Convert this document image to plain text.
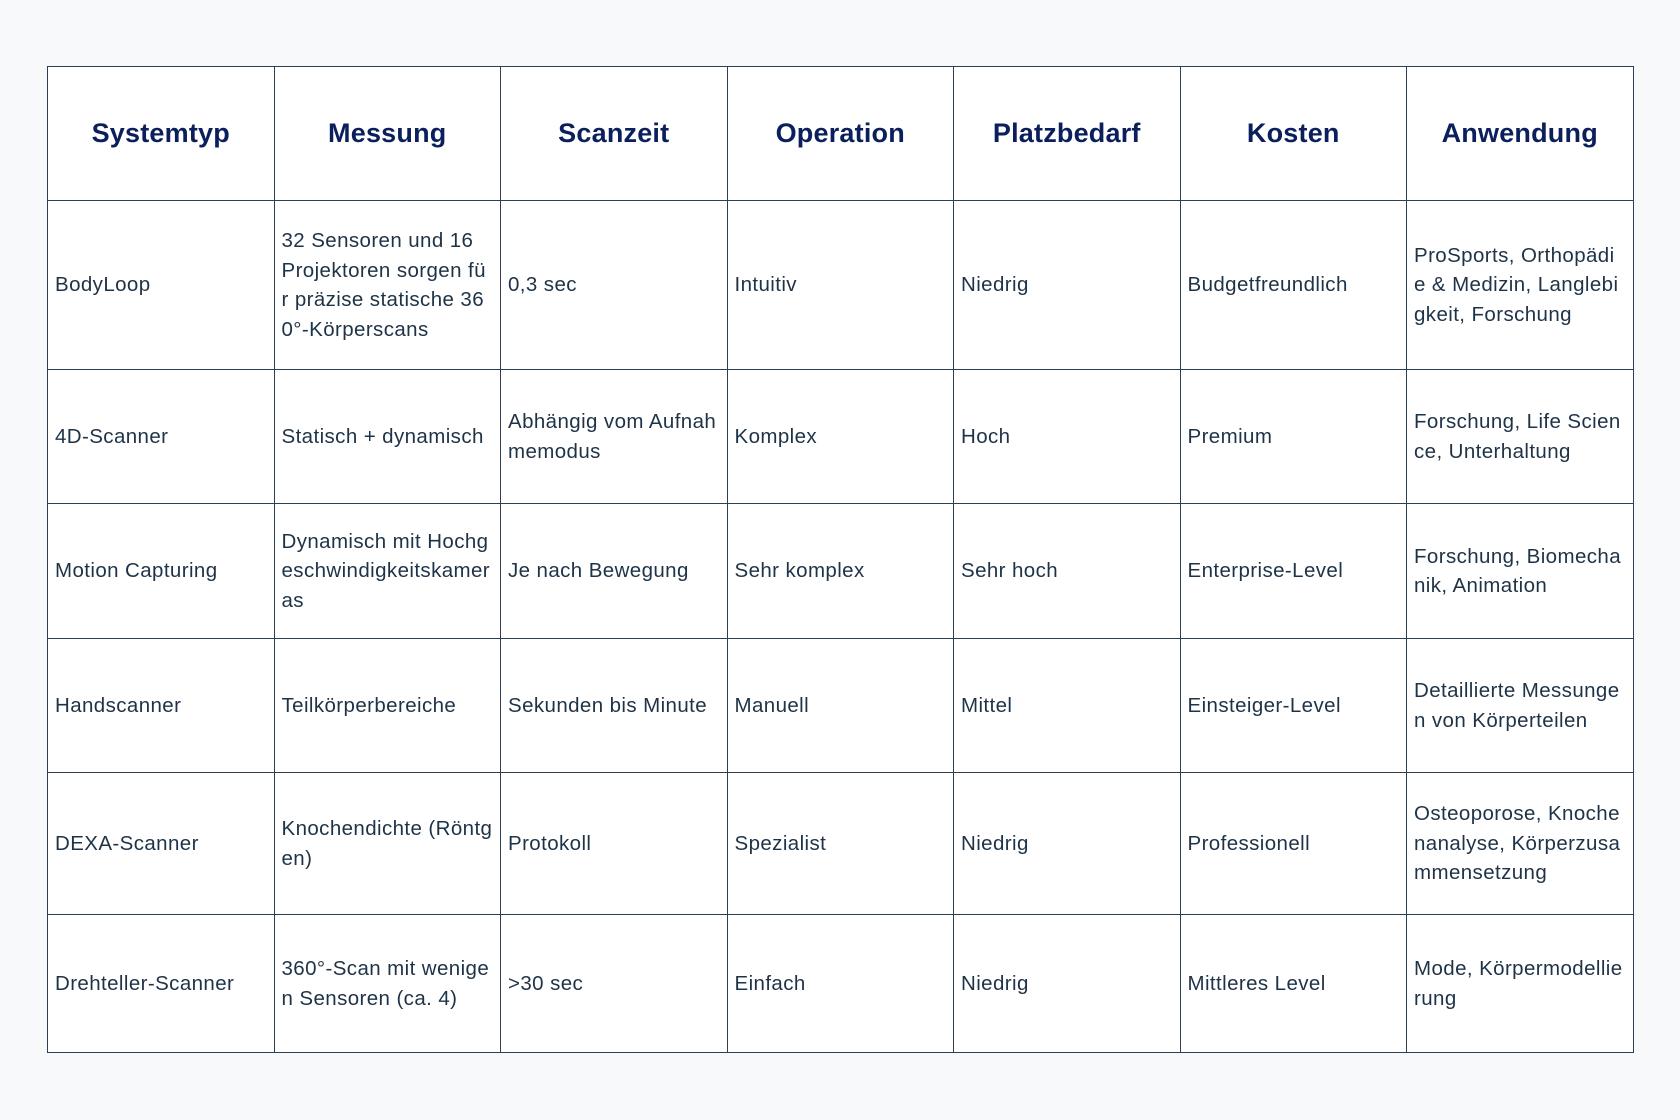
Systemtyp	Messung	Scanzeit	Operation	Platzbedarf	Kosten	Anwendung
BodyLoop	32 Sensoren und 16 Projektoren sorgen für präzise statische 360°-Körperscans	0,3 sec	Intuitiv	Niedrig	Budgetfreundlich	ProSports, Orthopädie & Medizin, Langlebigkeit, Forschung
4D-Scanner	Statisch + dynamisch	Abhängig vom Aufnahmemodus	Komplex	Hoch	Premium	Forschung, Life Science, Unterhaltung
Motion Capturing	Dynamisch mit Hochgeschwindigkeitskameras	Je nach Bewegung	Sehr komplex	Sehr hoch	Enterprise-Level	Forschung, Biomechanik, Animation
Handscanner	Teilkörperbereiche	Sekunden bis Minute	Manuell	Mittel	Einsteiger-Level	Detaillierte Messungen von Körperteilen
DEXA-Scanner	Knochendichte (Röntgen)	Protokoll	Spezialist	Niedrig	Professionell	Osteoporose, Knochenanalyse, Körperzusammensetzung
Drehteller-Scanner	360°-Scan mit wenigen Sensoren (ca. 4)	>30 sec	Einfach	Niedrig	Mittleres Level	Mode, Körpermodellierung
